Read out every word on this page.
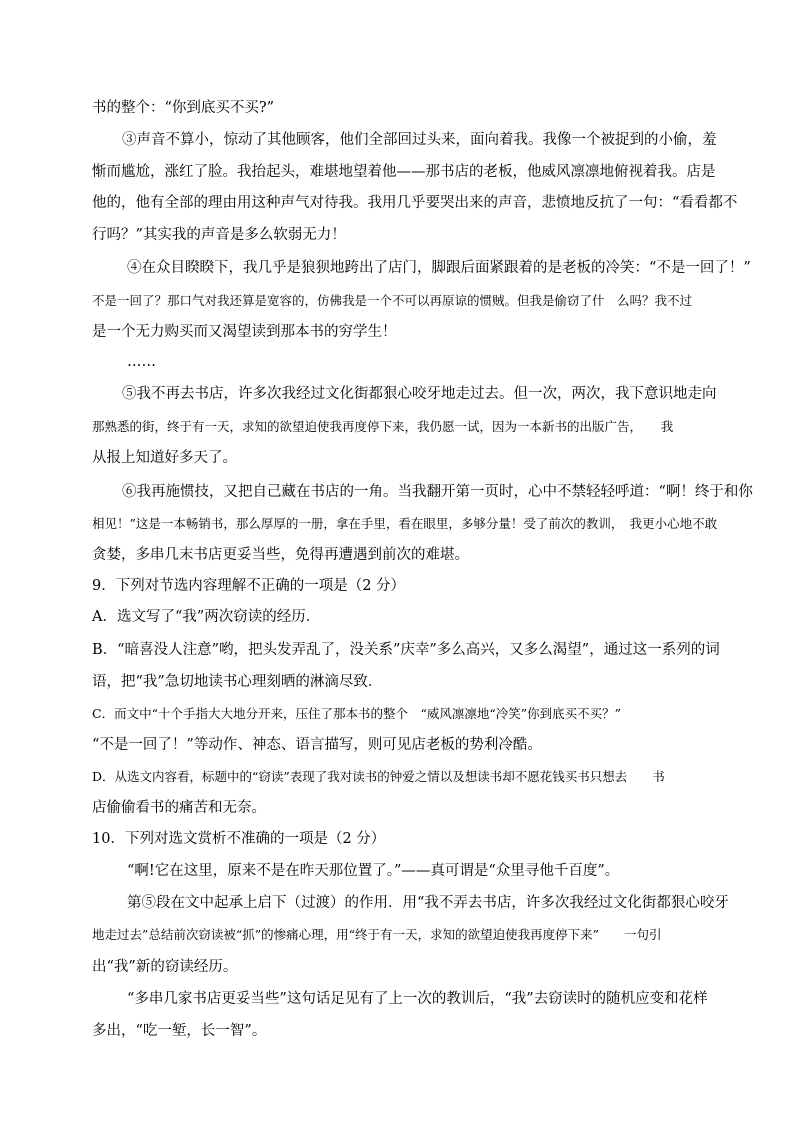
书的整个：“你到底买不买?”
③声音不算小，惊动了其他顾客，他们全部回过头来，面向着我。我像一个被捉到的小偷，羞
惭而尴尬，涨红了脸。我抬起头，难堪地望着他——那书店的老板，他威风凛凛地俯视着我。店是
他的，他有全部的理由用这种声气对待我。我用几乎要哭出来的声音，悲愤地反抗了一句：“看看都不
行吗？”其实我的声音是多么软弱无力！
④在众目睽睽下，我几乎是狼狈地跨出了店门，脚跟后面紧跟着的是老板的冷笑：“不是一回了！”
不是一回了？那口气对我还算是宽容的，仿佛我是一个不可以再原谅的惯贼。但我是偷窃了什　么吗？我不过
是一个无力购买而又渴望读到那本书的穷学生！
……
⑤我不再去书店，许多次我经过文化街都狠心咬牙地走过去。但一次，两次，我下意识地走向
那熟悉的街，终于有一天，求知的欲望迫使我再度停下来，我仍愿一试，因为一本新书的出版广告，　　我
从报上知道好多天了。
⑥我再施惯技，又把自己藏在书店的一角。当我翻开第一页时，心中不禁轻轻呼道：“啊！终于和你
相见！”这是一本畅销书，那么厚厚的一册，拿在手里，看在眼里，多够分量！受了前次的教训，　我更小心地不敢
贪婪，多串几末书店更妥当些，免得再遭遇到前次的难堪。
9．下列对节选内容理解不正确的一项是（2 分）
A．选文写了“我”两次窃读的经历．
B．“暗喜没人注意”哟，把头发弄乱了，没关系”庆幸”多么高兴，又多么渴望”，通过这一系列的词
语，把“我”急切地读书心理刻晒的淋滴尽致．
C．而文中“十个手指大大地分开来，压住了那本书的整个　“威风凛凛地“冷笑”你到底买不买？”
“不是一回了！”等动作、神态、语言描写，则可见店老板的势利冷酷。
D．从选文内容看，标题中的“窃读”表现了我对读书的钟爱之情以及想读书却不愿花钱买书只想去　　书
店偷偷看书的痛苦和无奈。
10．下列对选文赏析不准确的一项是（2 分）
“啊!它在这里，原来不是在昨天那位置了。”——真可谓是“众里寻他千百度”。
第⑤段在文中起承上启下（过渡）的作用．用“我不弄去书店，许多次我经过文化街都狠心咬牙
地走过去”总结前次窃读被“抓”的惨痛心理，用“终于有一天，求知的欲望迫使我再度停下来”　　一句引
出“我”新的窃读经历。
“多串几家书店更妥当些”这句话足见有了上一次的教训后，“我”去窃读时的随机应变和花样
多出，“吃一堑，长一智”。
